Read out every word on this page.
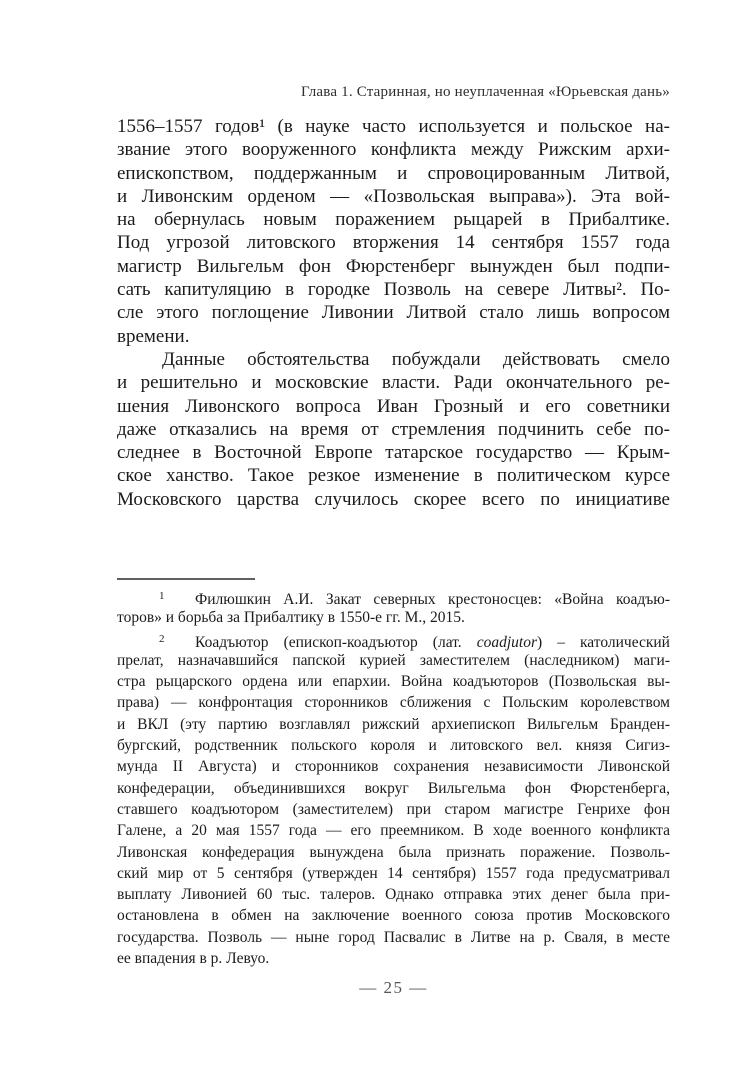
Глава 1. Старинная, но неуплаченная «Юрьевская дань»
1556–1557 годов¹ (в науке часто используется и польское на-
звание этого вооруженного конфликта между Рижским архи-
епископством, поддержанным и спровоцированным Литвой,
и Ливонским орденом — «Позвольская выправа»). Эта вой-
на обернулась новым поражением рыцарей в Прибалтике.
Под угрозой литовского вторжения 14 сентября 1557 года
магистр Вильгельм фон Фюрстенберг вынужден был подпи-
сать капитуляцию в городке Позволь на севере Литвы². По-
сле этого поглощение Ливонии Литвой стало лишь вопросом
времени.
Данные обстоятельства побуждали действовать смело
и решительно и московские власти. Ради окончательного ре-
шения Ливонского вопроса Иван Грозный и его советники
даже отказались на время от стремления подчинить себе по-
следнее в Восточной Европе татарское государство — Крым-
ское ханство. Такое резкое изменение в политическом курсе
Московского царства случилось скорее всего по инициативе
1 Филюшкин А.И. Закат северных крестоносцев: «Война коадъю-
торов» и борьба за Прибалтику в 1550-е гг. М., 2015.
2 Коадъютор (епископ-коадъютор (лат. coadjutor) – католический
прелат, назначавшийся папской курией заместителем (наследником) маги-
стра рыцарского ордена или епархии. Война коадъюторов (Позвольская вы-
права) — конфронтация сторонников сближения с Польским королевством
и ВКЛ (эту партию возглавлял рижский архиепископ Вильгельм Бранден-
бургский, родственник польского короля и литовского вел. князя Сигиз-
мунда II Августа) и сторонников сохранения независимости Ливонской
конфедерации, объединившихся вокруг Вильгельма фон Фюрстенберга,
ставшего коадъютором (заместителем) при старом магистре Генрихе фон
Галене, а 20 мая 1557 года — его преемником. В ходе военного конфликта
Ливонская конфедерация вынуждена была признать поражение. Позволь-
ский мир от 5 сентября (утвержден 14 сентября) 1557 года предусматривал
выплату Ливонией 60 тыс. талеров. Однако отправка этих денег была при-
остановлена в обмен на заключение военного союза против Московского
государства. Позволь — ныне город Пасвалис в Литве на р. Сваля, в месте
ее впадения в р. Левуо.
— 25 —
